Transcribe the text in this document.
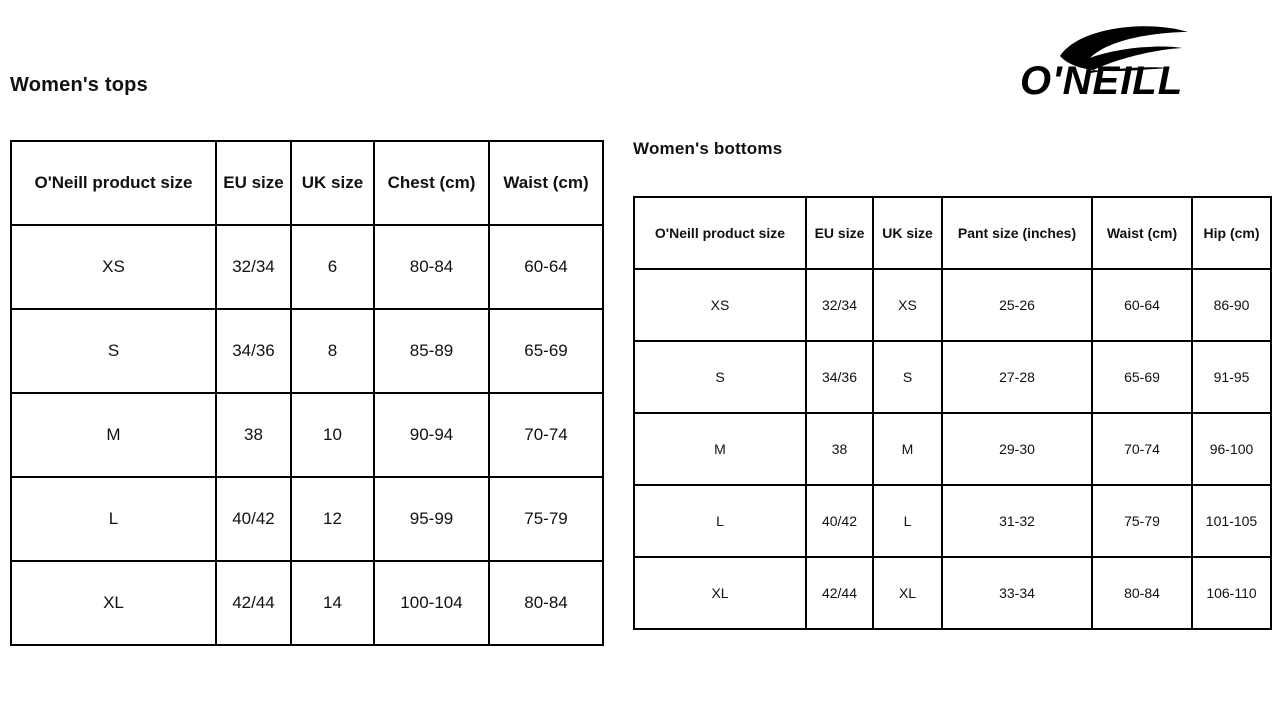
O'NEILL
Women's tops
O'Neill product size	EU size	UK size	Chest (cm)	Waist (cm)
XS	32/34	6	80-84	60-64
S	34/36	8	85-89	65-69
M	38	10	90-94	70-74
L	40/42	12	95-99	75-79
XL	42/44	14	100-104	80-84
Women's bottoms
O'Neill product size	EU size	UK size	Pant size (inches)	Waist (cm)	Hip (cm)
XS	32/34	XS	25-26	60-64	86-90
S	34/36	S	27-28	65-69	91-95
M	38	M	29-30	70-74	96-100
L	40/42	L	31-32	75-79	101-105
XL	42/44	XL	33-34	80-84	106-110
